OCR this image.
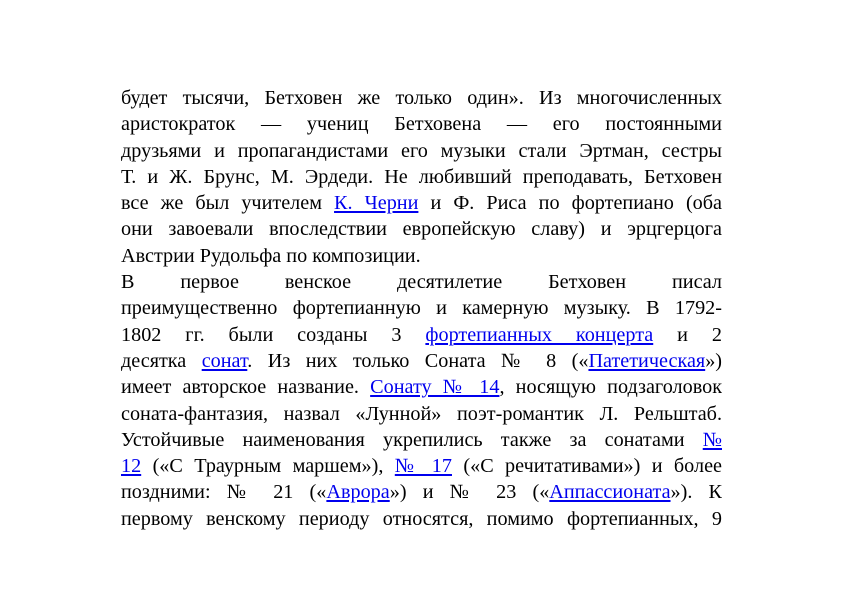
будет тысячи, Бетховен же только один». Из многочисленных
аристократок — учениц Бетховена — его постоянными
друзьями и пропагандистами его музыки стали Эртман, сестры
Т. и Ж. Брунс, М. Эрдеди. Не любивший преподавать, Бетховен
все же был учителем К. Черни и Ф. Риса по фортепиано (оба
они завоевали впоследствии европейскую славу) и эрцгерцога
Австрии Рудольфа по композиции.
В первое венское десятилетие Бетховен писал
преимущественно фортепианную и камерную музыку. В 1792-
1802 гг. были созданы 3 фортепианных концерта и 2
десятка сонат. Из них только Соната № 8 («Патетическая»)
имеет авторское название. Сонату № 14, носящую подзаголовок
соната-фантазия, назвал «Лунной» поэт-романтик Л. Рельштаб.
Устойчивые наименования укрепились также за сонатами №
12 («С Траурным маршем»), № 17 («С речитативами») и более
поздними: № 21 («Аврора») и № 23 («Аппассионата»). К
первому венскому периоду относятся, помимо фортепианных, 9
